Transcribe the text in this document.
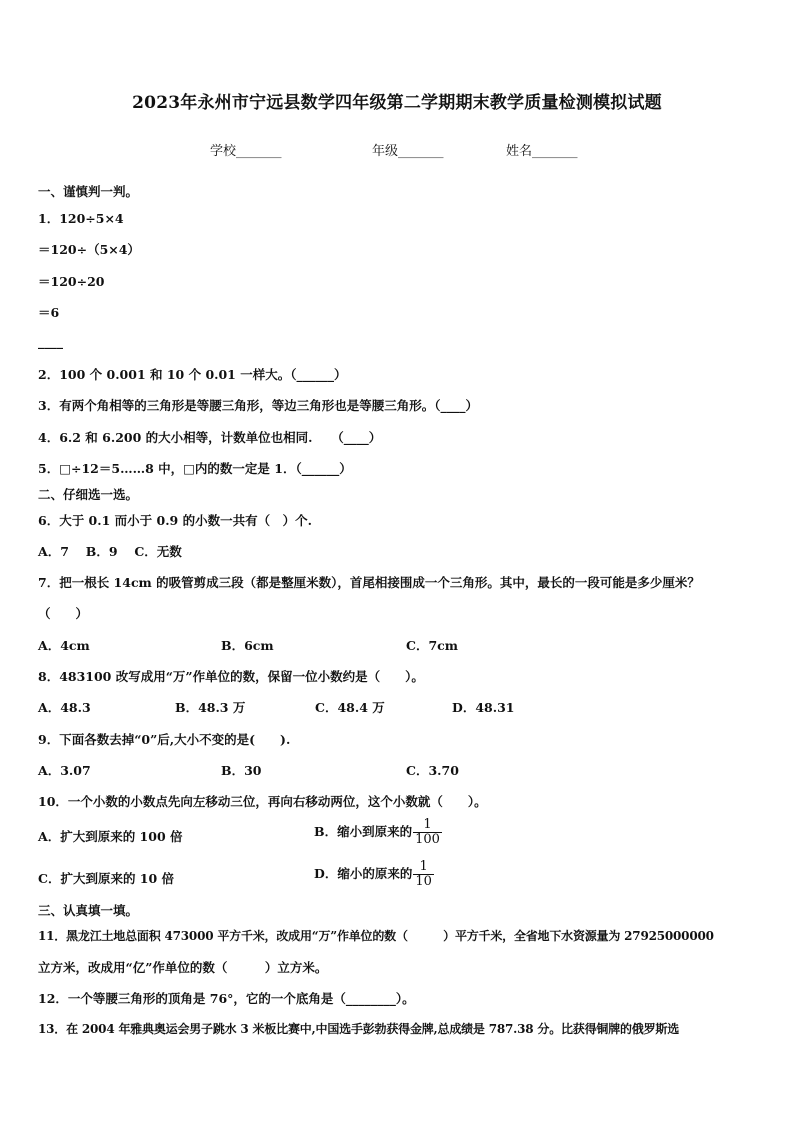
2023年永州市宁远县数学四年级第二学期期末教学质量检测模拟试题
学校_______	年级_______	姓名_______
一、谨慎判一判。
1．120÷5×4
＝120÷（5×4）
＝120÷20
＝6
____
2．100 个 0.001 和 10 个 0.01 一样大。（______）
3．有两个角相等的三角形是等腰三角形，等边三角形也是等腰三角形。（____）
4．6.2 和 6.200 的大小相等，计数单位也相同.　　（____）
5．□÷12＝5……8 中，□内的数一定是 1．（______）
二、仔细选一选。
6．大于 0.1 而小于 0.9 的小数一共有（　）个.
A．7　 B．9　 C．无数
7．把一根长 14cm 的吸管剪成三段（都是整厘米数），首尾相接围成一个三角形。其中，最长的一段可能是多少厘米？
（　　）
A．4cm	B．6cm	C．7cm
8．483100 改写成用“万”作单位的数，保留一位小数约是（　　）。
A．48.3	B．48.3 万	C．48.4 万	D．48.31
9．下面各数去掉“0”后,大小不变的是(　　).
A．3.07	B．30	C．3.70
10．一个小数的小数点先向左移动三位，再向右移动两位，这个小数就（　　）。
A．扩大到原来的 100 倍	B．缩小到原来的 $\frac{1}{100}$
C．扩大到原来的 10 倍	D．缩小的原来的 $\frac{1}{10}$
三、认真填一填。
11．黑龙江土地总面积 473000 平方千米，改成用“万”作单位的数（　　　）平方千米，全省地下水资源量为 27925000000
立方米，改成用“亿”作单位的数（　　　）立方米。
12．一个等腰三角形的顶角是 76°，它的一个底角是（________）。
13．在 2004 年雅典奥运会男子跳水 3 米板比赛中,中国选手彭勃获得金牌,总成绩是 787.38 分。比获得铜牌的俄罗斯选
